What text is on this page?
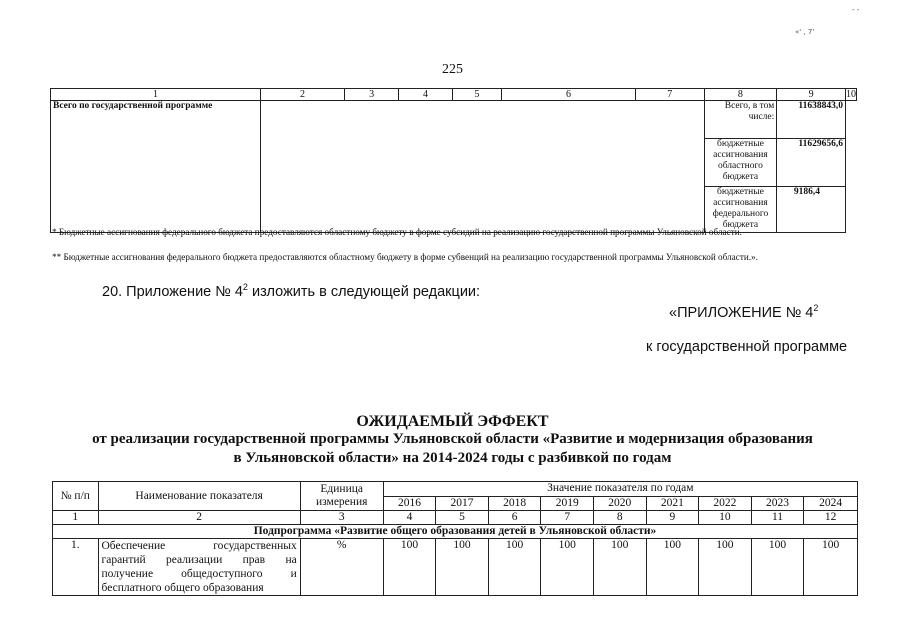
- -
«' , 7'
225
1	2	3	4	5	6	7	8	9	10
Всего по государственной программе							Всего, в том числе:	11638843,0	
							бюджетные ассигнования областного бюджета	11629656,6	
							бюджетные ассигнования федерального бюджета	9186,4	
* Бюджетные ассигнования федерального бюджета предоставляются областному бюджету в форме субсидий на реализацию государственной программы Ульяновской области.
** Бюджетные ассигнования федерального бюджета предоставляются областному бюджету в форме субвенций на реализацию государственной программы Ульяновской области.».
20. Приложение № $4^2$ изложить в следующей редакции:
«ПРИЛОЖЕНИЕ № $4^2$
к государственной программе
ОЖИДАЕМЫЙ ЭФФЕКТ
от реализации государственной программы Ульяновской области «Развитие и модернизация образования
в Ульяновской области» на 2014-2024 годы с разбивкой по годам
№ п/п	Наименование показателя	Единица измерения	Значение показателя по годам								
			2016	2017	2018	2019	2020	2021	2022	2023	2024
1	2	3	4	5	6	7	8	9	10	11	12
Подпрограмма «Развитие общего образования детей в Ульяновской области»											
1.	Обеспечение государственных гарантий реализации прав на получение общедоступного и бесплатного общего образования	%	100	100	100	100	100	100	100	100	100
